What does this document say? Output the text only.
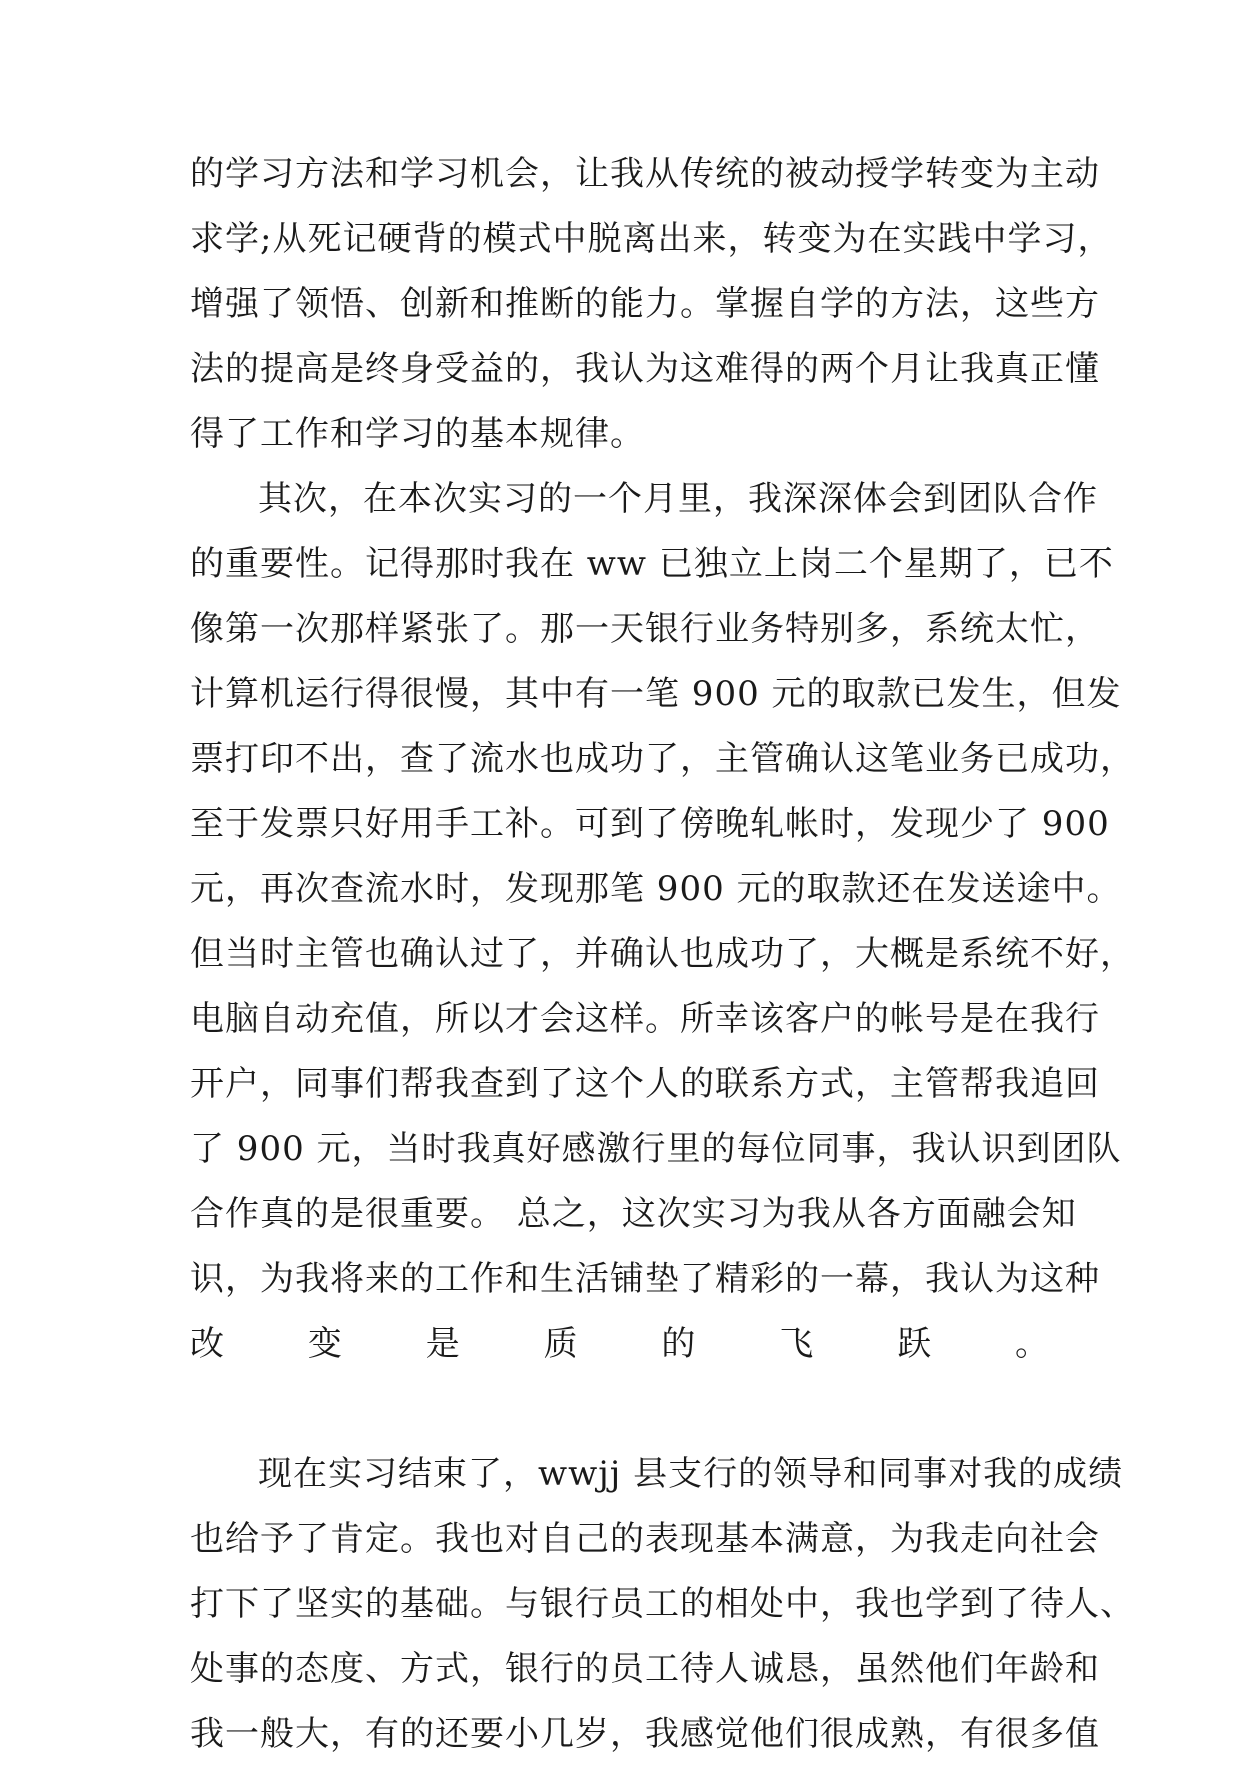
的学习方法和学习机会，让我从传统的被动授学转变为主动
求学;从死记硬背的模式中脱离出来，转变为在实践中学习，
增强了领悟、创新和推断的能力。掌握自学的方法，这些方
法的提高是终身受益的，我认为这难得的两个月让我真正懂
得了工作和学习的基本规律。
其次，在本次实习的一个月里，我深深体会到团队合作
的重要性。记得那时我在 ww 已独立上岗二个星期了，已不
像第一次那样紧张了。那一天银行业务特别多，系统太忙，
计算机运行得很慢，其中有一笔 900 元的取款已发生，但发
票打印不出，查了流水也成功了，主管确认这笔业务已成功，
至于发票只好用手工补。可到了傍晚轧帐时，发现少了 900
元，再次查流水时，发现那笔 900 元的取款还在发送途中。
但当时主管也确认过了，并确认也成功了，大概是系统不好，
电脑自动充值，所以才会这样。所幸该客户的帐号是在我行
开户，同事们帮我查到了这个人的联系方式，主管帮我追回
了 900 元，当时我真好感激行里的每位同事，我认识到团队
合作真的是很重要。 总之，这次实习为我从各方面融会知
识，为我将来的工作和生活铺垫了精彩的一幕，我认为这种
改变是质的飞跃。
现在实习结束了，wwjj 县支行的领导和同事对我的成绩
也给予了肯定。我也对自己的表现基本满意，为我走向社会
打下了坚实的基础。与银行员工的相处中，我也学到了待人、
处事的态度、方式，银行的员工待人诚恳，虽然他们年龄和
我一般大，有的还要小几岁，我感觉他们很成熟，有很多值
